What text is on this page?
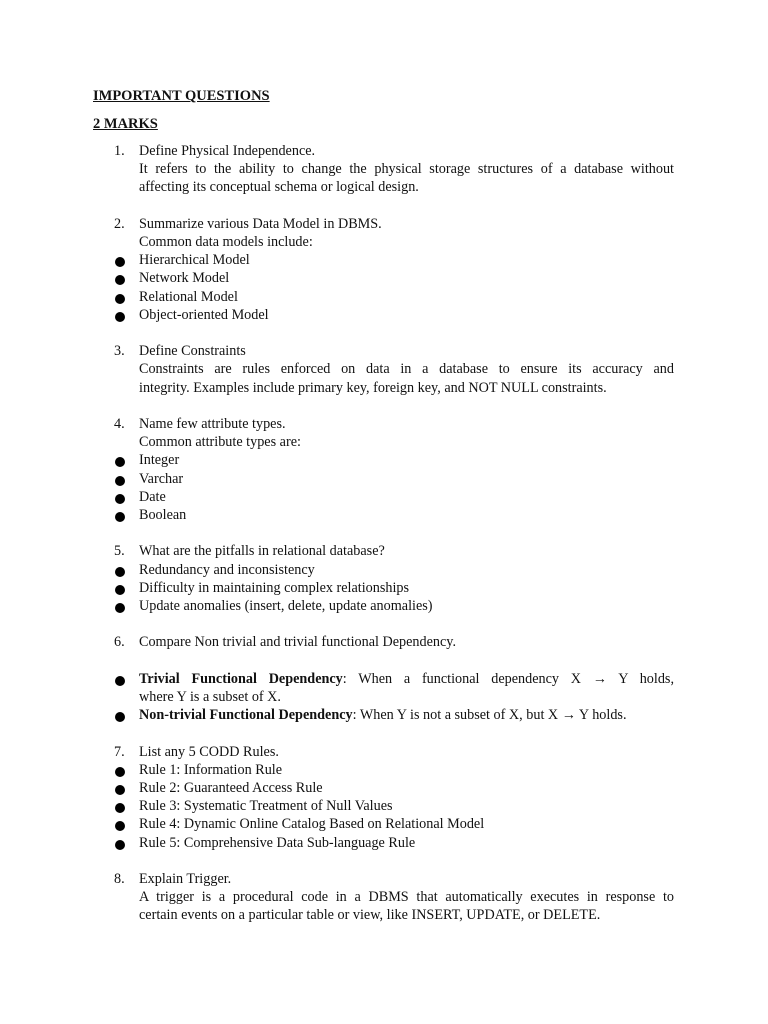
IMPORTANT QUESTIONS
2 MARKS
1. Define Physical Independence.
It refers to the ability to change the physical storage structures of a database without
affecting its conceptual schema or logical design.
2. Summarize various Data Model in DBMS.
Common data models include:
Hierarchical Model
Network Model
Relational Model
Object-oriented Model
3. Define Constraints
Constraints are rules enforced on data in a database to ensure its accuracy and
integrity. Examples include primary key, foreign key, and NOT NULL constraints.
4. Name few attribute types.
Common attribute types are:
Integer
Varchar
Date
Boolean
5. What are the pitfalls in relational database?
Redundancy and inconsistency
Difficulty in maintaining complex relationships
Update anomalies (insert, delete, update anomalies)
6. Compare Non trivial and trivial functional Dependency.
Trivial Functional Dependency: When a functional dependency X → Y holds,
where Y is a subset of X.
Non-trivial Functional Dependency: When Y is not a subset of X, but X → Y holds.
7. List any 5 CODD Rules.
Rule 1: Information Rule
Rule 2: Guaranteed Access Rule
Rule 3: Systematic Treatment of Null Values
Rule 4: Dynamic Online Catalog Based on Relational Model
Rule 5: Comprehensive Data Sub-language Rule
8. Explain Trigger.
A trigger is a procedural code in a DBMS that automatically executes in response to
certain events on a particular table or view, like INSERT, UPDATE, or DELETE.
